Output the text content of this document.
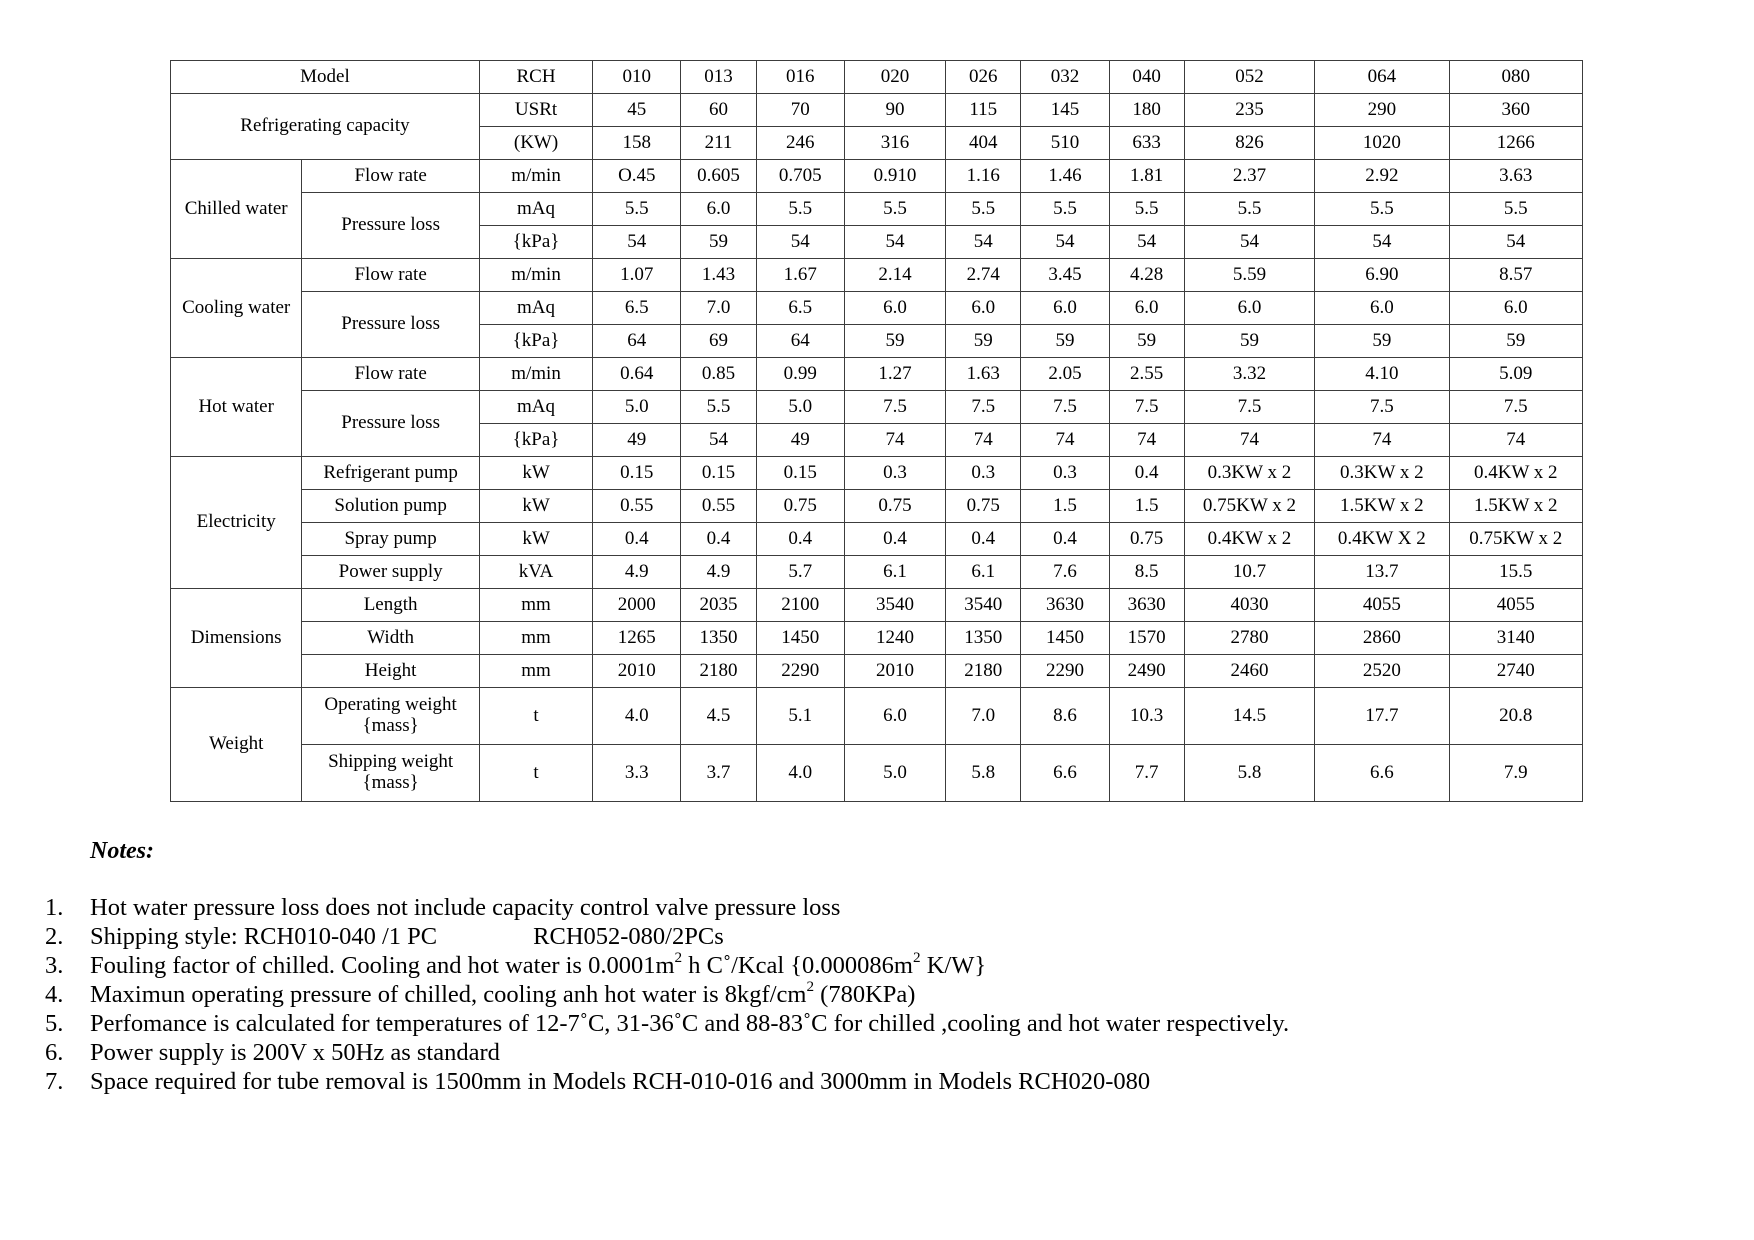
Model		RCH	010	013	016	020	026	032	040	052	064	080
Refrigerating capacity		USRt	45	60	70	90	115	145	180	235	290	360
		(KW)	158	211	246	316	404	510	633	826	1020	1266
Chilled water	Flow rate	m/min	O.45	0.605	0.705	0.910	1.16	1.46	1.81	2.37	2.92	3.63
	Pressure loss	mAq	5.5	6.0	5.5	5.5	5.5	5.5	5.5	5.5	5.5	5.5
		{kPa}	54	59	54	54	54	54	54	54	54	54
Cooling water	Flow rate	m/min	1.07	1.43	1.67	2.14	2.74	3.45	4.28	5.59	6.90	8.57
	Pressure loss	mAq	6.5	7.0	6.5	6.0	6.0	6.0	6.0	6.0	6.0	6.0
		{kPa}	64	69	64	59	59	59	59	59	59	59
Hot water	Flow rate	m/min	0.64	0.85	0.99	1.27	1.63	2.05	2.55	3.32	4.10	5.09
	Pressure loss	mAq	5.0	5.5	5.0	7.5	7.5	7.5	7.5	7.5	7.5	7.5
		{kPa}	49	54	49	74	74	74	74	74	74	74
Electricity	Refrigerant pump	kW	0.15	0.15	0.15	0.3	0.3	0.3	0.4	0.3KW x 2	0.3KW x 2	0.4KW x 2
	Solution pump	kW	0.55	0.55	0.75	0.75	0.75	1.5	1.5	0.75KW x 2	1.5KW x 2	1.5KW x 2
	Spray pump	kW	0.4	0.4	0.4	0.4	0.4	0.4	0.75	0.4KW x 2	0.4KW X 2	0.75KW x 2
	Power supply	kVA	4.9	4.9	5.7	6.1	6.1	7.6	8.5	10.7	13.7	15.5
Dimensions	Length	mm	2000	2035	2100	3540	3540	3630	3630	4030	4055	4055
	Width	mm	1265	1350	1450	1240	1350	1450	1570	2780	2860	3140
	Height	mm	2010	2180	2290	2010	2180	2290	2490	2460	2520	2740
Weight	Operating weight {mass}	t	4.0	4.5	5.1	6.0	7.0	8.6	10.3	14.5	17.7	20.8
	Shipping weight {mass}	t	3.3	3.7	4.0	5.0	5.8	6.6	7.7	5.8	6.6	7.9
Notes:
1. Hot water pressure loss does not include capacity control valve pressure loss
2. Shipping style: RCH010-040 /1 PC	RCH052-080/2PCs
3. Fouling factor of chilled. Cooling and hot water is $0.0001m^2$ h C˚/Kcal {$0.000086m^2$ K/W}
4. Maximun operating pressure of chilled, cooling anh hot water is $8kgf/cm^2$ (780KPa)
5. Perfomance is calculated for temperatures of 12-7˚C, 31-36˚C and 88-83˚C for chilled ,cooling and hot water respectively.
6. Power supply is 200V x 50Hz as standard
7. Space required for tube removal is 1500mm in Models RCH-010-016 and 3000mm in Models RCH020-080
